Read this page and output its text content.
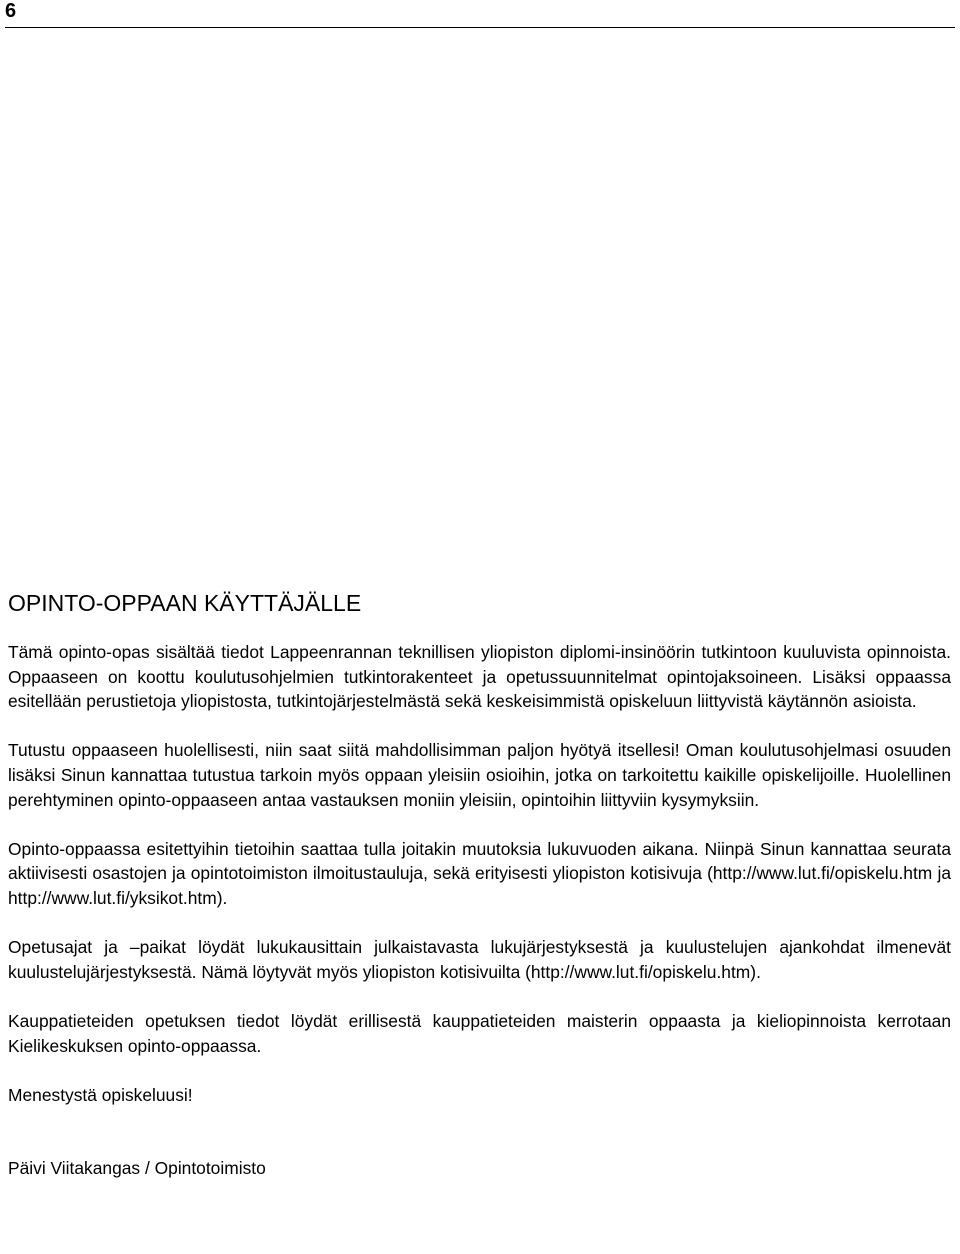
6
OPINTO-OPPAAN KÄYTTÄJÄLLE

Tämä opinto-opas sisältää tiedot Lappeenrannan teknillisen yliopiston diplomi-insinöörin tutkintoon kuuluvista opinnoista. Oppaaseen on koottu koulutusohjelmien tutkintorakenteet ja opetussuunnitelmat opintojaksoineen. Lisäksi oppaassa esitellään perustietoja yliopistosta, tutkintojärjestelmästä sekä keskeisimmistä opiskeluun liittyvistä käytännön asioista.

Tutustu oppaaseen huolellisesti, niin saat siitä mahdollisimman paljon hyötyä itsellesi! Oman koulutusohjelmasi osuuden lisäksi Sinun kannattaa tutustua tarkoin myös oppaan yleisiin osioihin, jotka on tarkoitettu kaikille opiskelijoille. Huolellinen perehtyminen opinto-oppaaseen antaa vastauksen moniin yleisiin, opintoihin liittyviin kysymyksiin.

Opinto-oppaassa esitettyihin tietoihin saattaa tulla joitakin muutoksia lukuvuoden aikana. Niinpä Sinun kannattaa seurata aktiivisesti osastojen ja opintotoimiston ilmoitustauluja, sekä erityisesti yliopiston kotisivuja (http://www.lut.fi/opiskelu.htm ja http://www.lut.fi/yksikot.htm).

Opetusajat ja –paikat löydät lukukausittain julkaistavasta lukujärjestyksestä ja kuulustelujen ajankohdat ilmenevät kuulustelujärjestyksestä. Nämä löytyvät myös yliopiston kotisivuilta (http://www.lut.fi/opiskelu.htm).

Kauppatieteiden opetuksen tiedot löydät erillisestä kauppatieteiden maisterin oppaasta ja kieliopinnoista kerrotaan Kielikeskuksen opinto-oppaassa.

Menestystä opiskeluusi!

Päivi Viitakangas / Opintotoimisto
